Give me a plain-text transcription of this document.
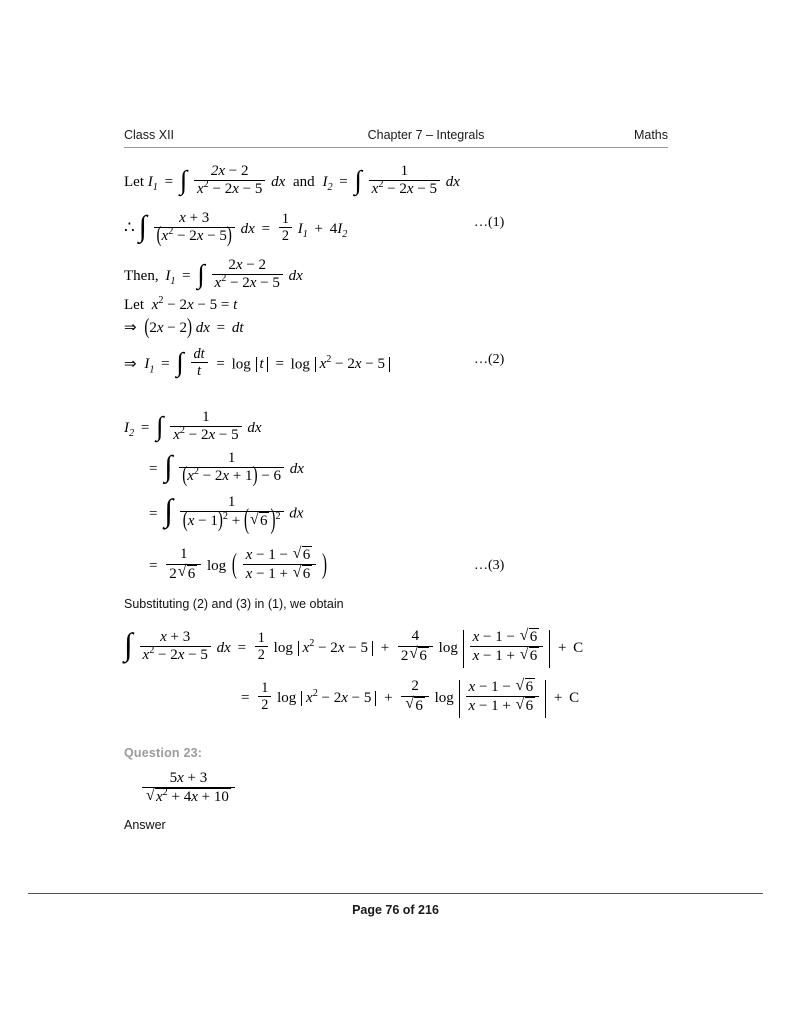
Class XII	Chapter 7 – Integrals	Maths
Let $I_1$ = ∫ $\frac{2x - 2}{x^2 - 2x - 5}$ dx and $I_2$ = ∫ $\frac{1}{x^2 - 2x - 5}$ dx
∴ ∫ $\frac{x + 3}{(x^2 - 2x - 5)}$ dx = $\frac{1}{2} I_1 + 4I_2$
…(1)
Then, $I_1$ = ∫ $\frac{2x - 2}{x^2 - 2x - 5}$ dx
Let $x^2 - 2x - 5 = t$
⇒ (2x − 2) dx = dt
⇒ $I_1$ = ∫ $\frac{dt}{t} = \log t = \log x^2 - 2x - 5$	…(2)
$I_2$ = ∫ $\frac{1}{x^2 - 2x - 5}$ dx
= ∫ $\frac{1}{(x^2 - 2x + 1) - 6}$ dx
= ∫ $\frac{1}{(x - 1)^2 + ( √ 6 )^2}$ dx
= $\frac{1}{2 √ 6}$ log ( $\frac{x - 1 - √ 6}{x - 1 + √ 6}$ )	…(3)
Substituting (2) and (3) in (1), we obtain
∫ $\frac{x + 3}{x^2 - 2x - 5}$ dx = $\frac{1}{2}$ $\log x^2 - 2x - 5 + \frac{4}{2 √ 6}$ $\log \frac{x - 1 - √ 6}{x - 1 + √ 6} + C$
= $\frac{1}{2}$ $\log x^2 - 2x - 5 + 2$
√ 6 $\log \frac{x - 1 - √ 6}{x - 1 + √ 6} + C$
Question 23:
5x + 3
√ $x^2 + 4x + 10$
Answer
Page 76 of 216
